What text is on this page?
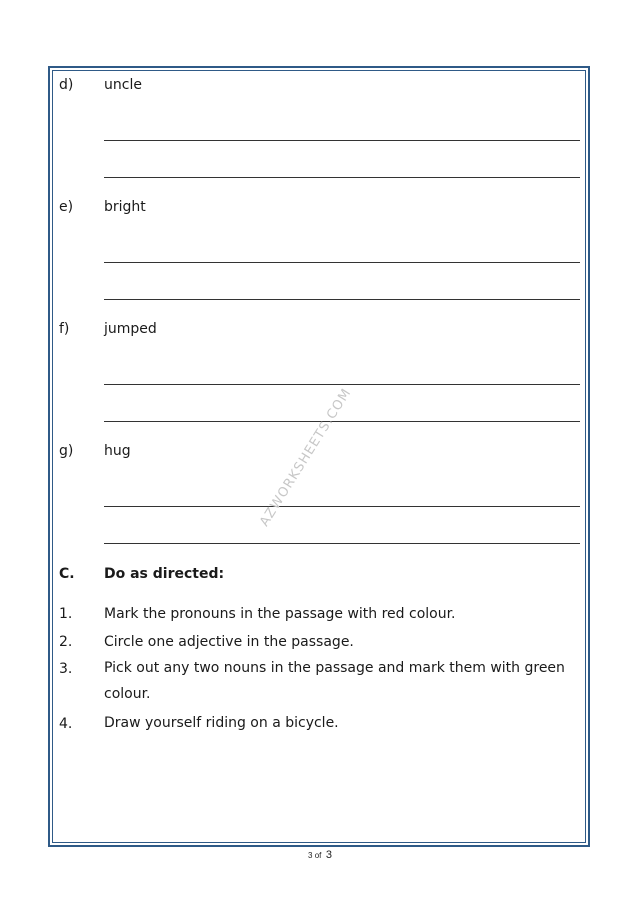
d) uncle
e) bright
f) jumped
g) hug
C. Do as directed:
1. Mark the pronouns in the passage with red colour.
2. Circle one adjective in the passage.
3. Pick out any two nouns in the passage and mark them with green colour.
4. Draw yourself riding on a bicycle.
AZWORKSHEETS.COM
3 of 3
